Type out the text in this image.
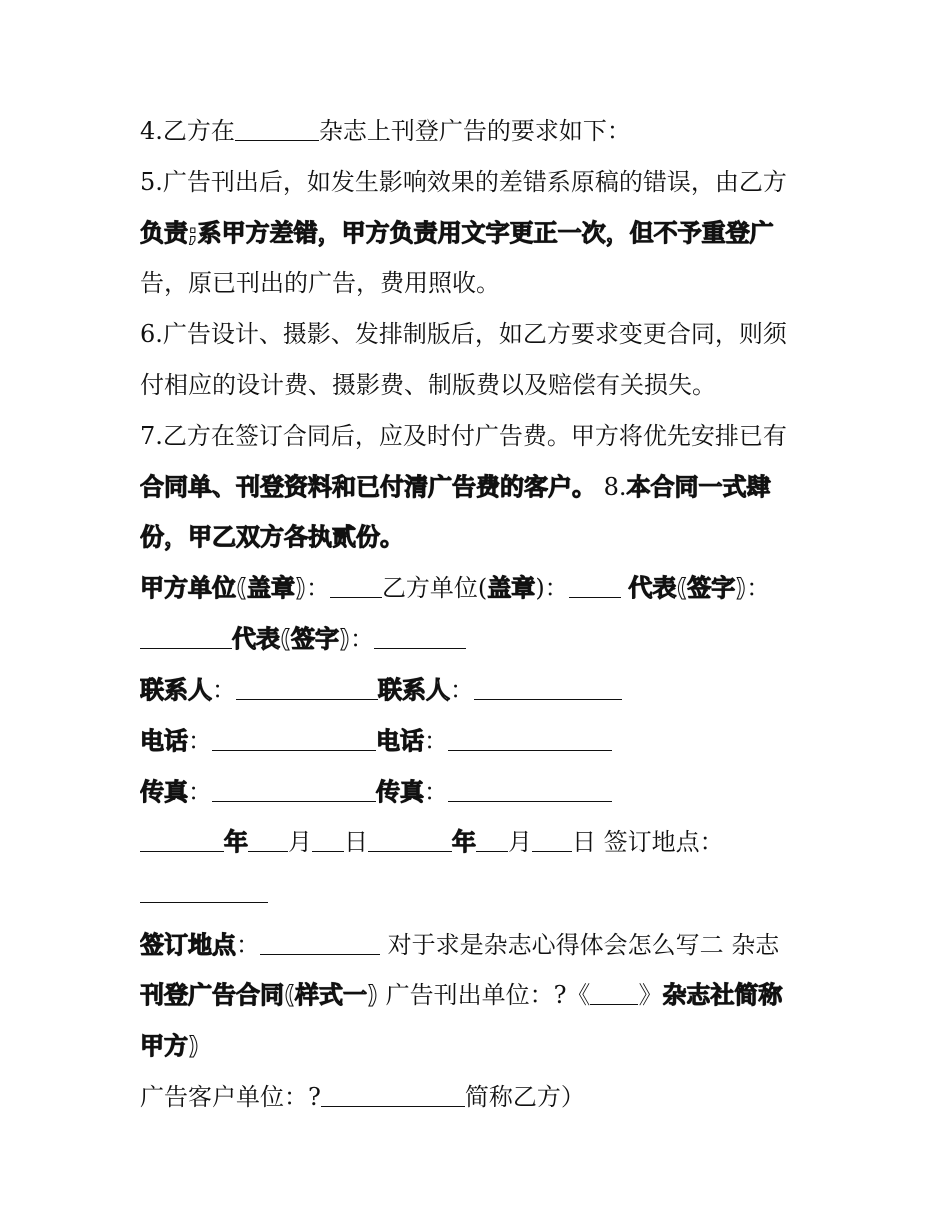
4.乙方在	杂志上刊登广告的要求如下：
5.广告刊出后，如发生影响效果的差错系原稿的错误，由乙方
负责;系甲方差错，甲方负责用文字更正一次，但不予重登广
告，原已刊出的广告，费用照收。
6.广告设计、摄影、发排制版后，如乙方要求变更合同，则须
付相应的设计费、摄影费、制版费以及赔偿有关损失。
7.乙方在签订合同后，应及时付广告费。甲方将优先安排已有
合同单、刊登资料和已付清广告费的客户。 8.本合同一式肆
份，甲乙双方各执贰份。
甲方单位(盖章)： 乙方单位(盖章)： 代表(签字)：
代表(签字)：
联系人：	联系人：
电话：	电话：
传真：	传真：
年 月 日	年 月 日 签订地点：
签订地点：	对于求是杂志心得体会怎么写二 杂志
刊登广告合同(样式一) 广告刊出单位：?《 》杂志社简称
甲方)
广告客户单位：?	简称乙方）
